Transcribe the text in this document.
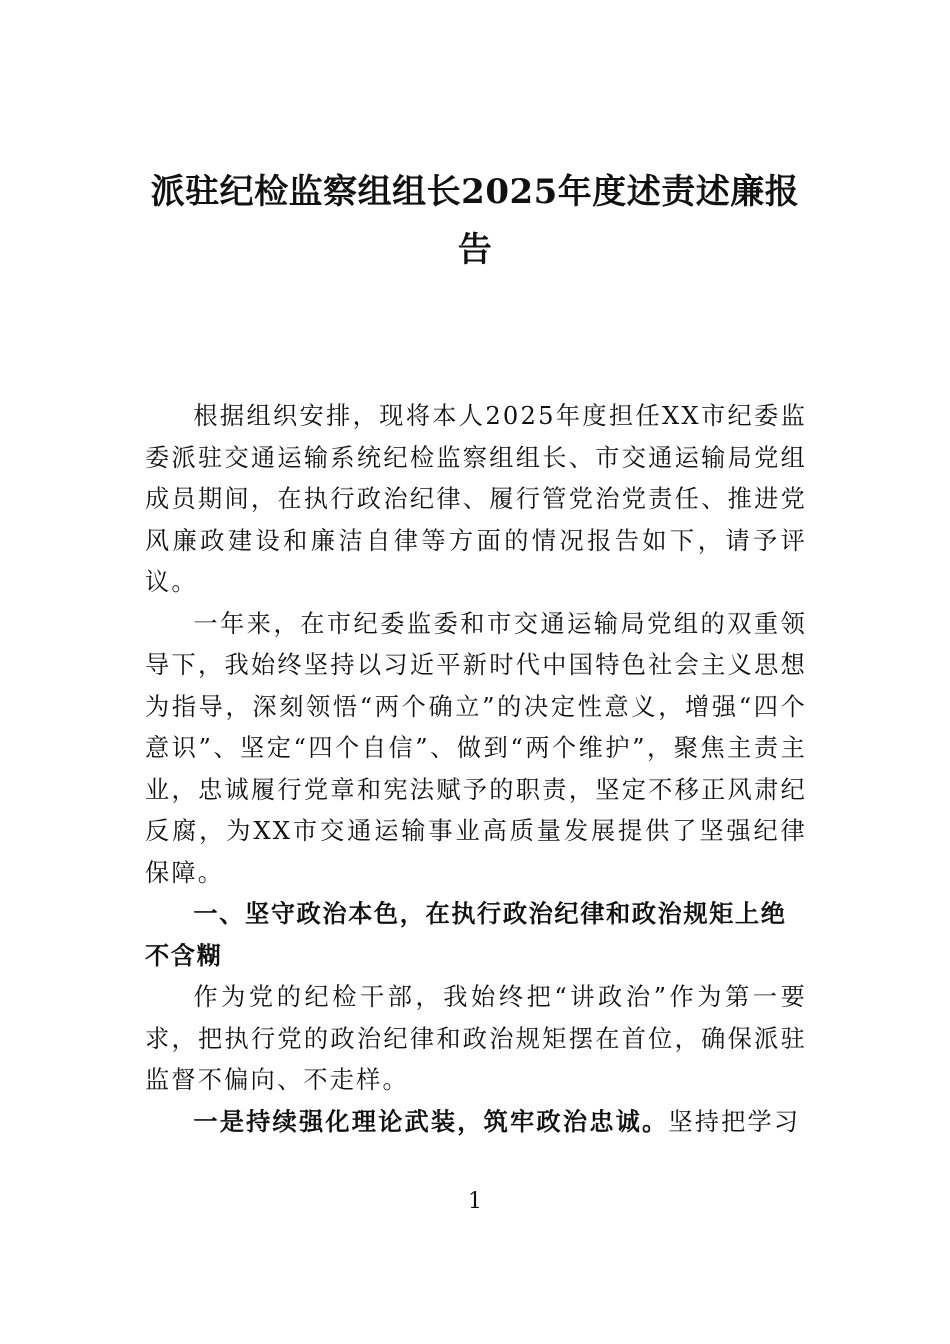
派驻纪检监察组组长2025年度述责述廉报告

根据组织安排，现将本人2025年度担任XX市纪委监委派驻交通运输系统纪检监察组组长、市交通运输局党组成员期间，在执行政治纪律、履行管党治党责任、推进党风廉政建设和廉洁自律等方面的情况报告如下，请予评议。

一年来，在市纪委监委和市交通运输局党组的双重领导下，我始终坚持以习近平新时代中国特色社会主义思想为指导，深刻领悟“两个确立”的决定性意义，增强“四个意识”、坚定“四个自信”、做到“两个维护”，聚焦主责主业，忠诚履行党章和宪法赋予的职责，坚定不移正风肃纪反腐，为XX市交通运输事业高质量发展提供了坚强纪律保障。

一、坚守政治本色，在执行政治纪律和政治规矩上绝不含糊

作为党的纪检干部，我始终把“讲政治”作为第一要求，把执行党的政治纪律和政治规矩摆在首位，确保派驻监督不偏向、不走样。

一是持续强化理论武装，筑牢政治忠诚。坚持把学习

1
